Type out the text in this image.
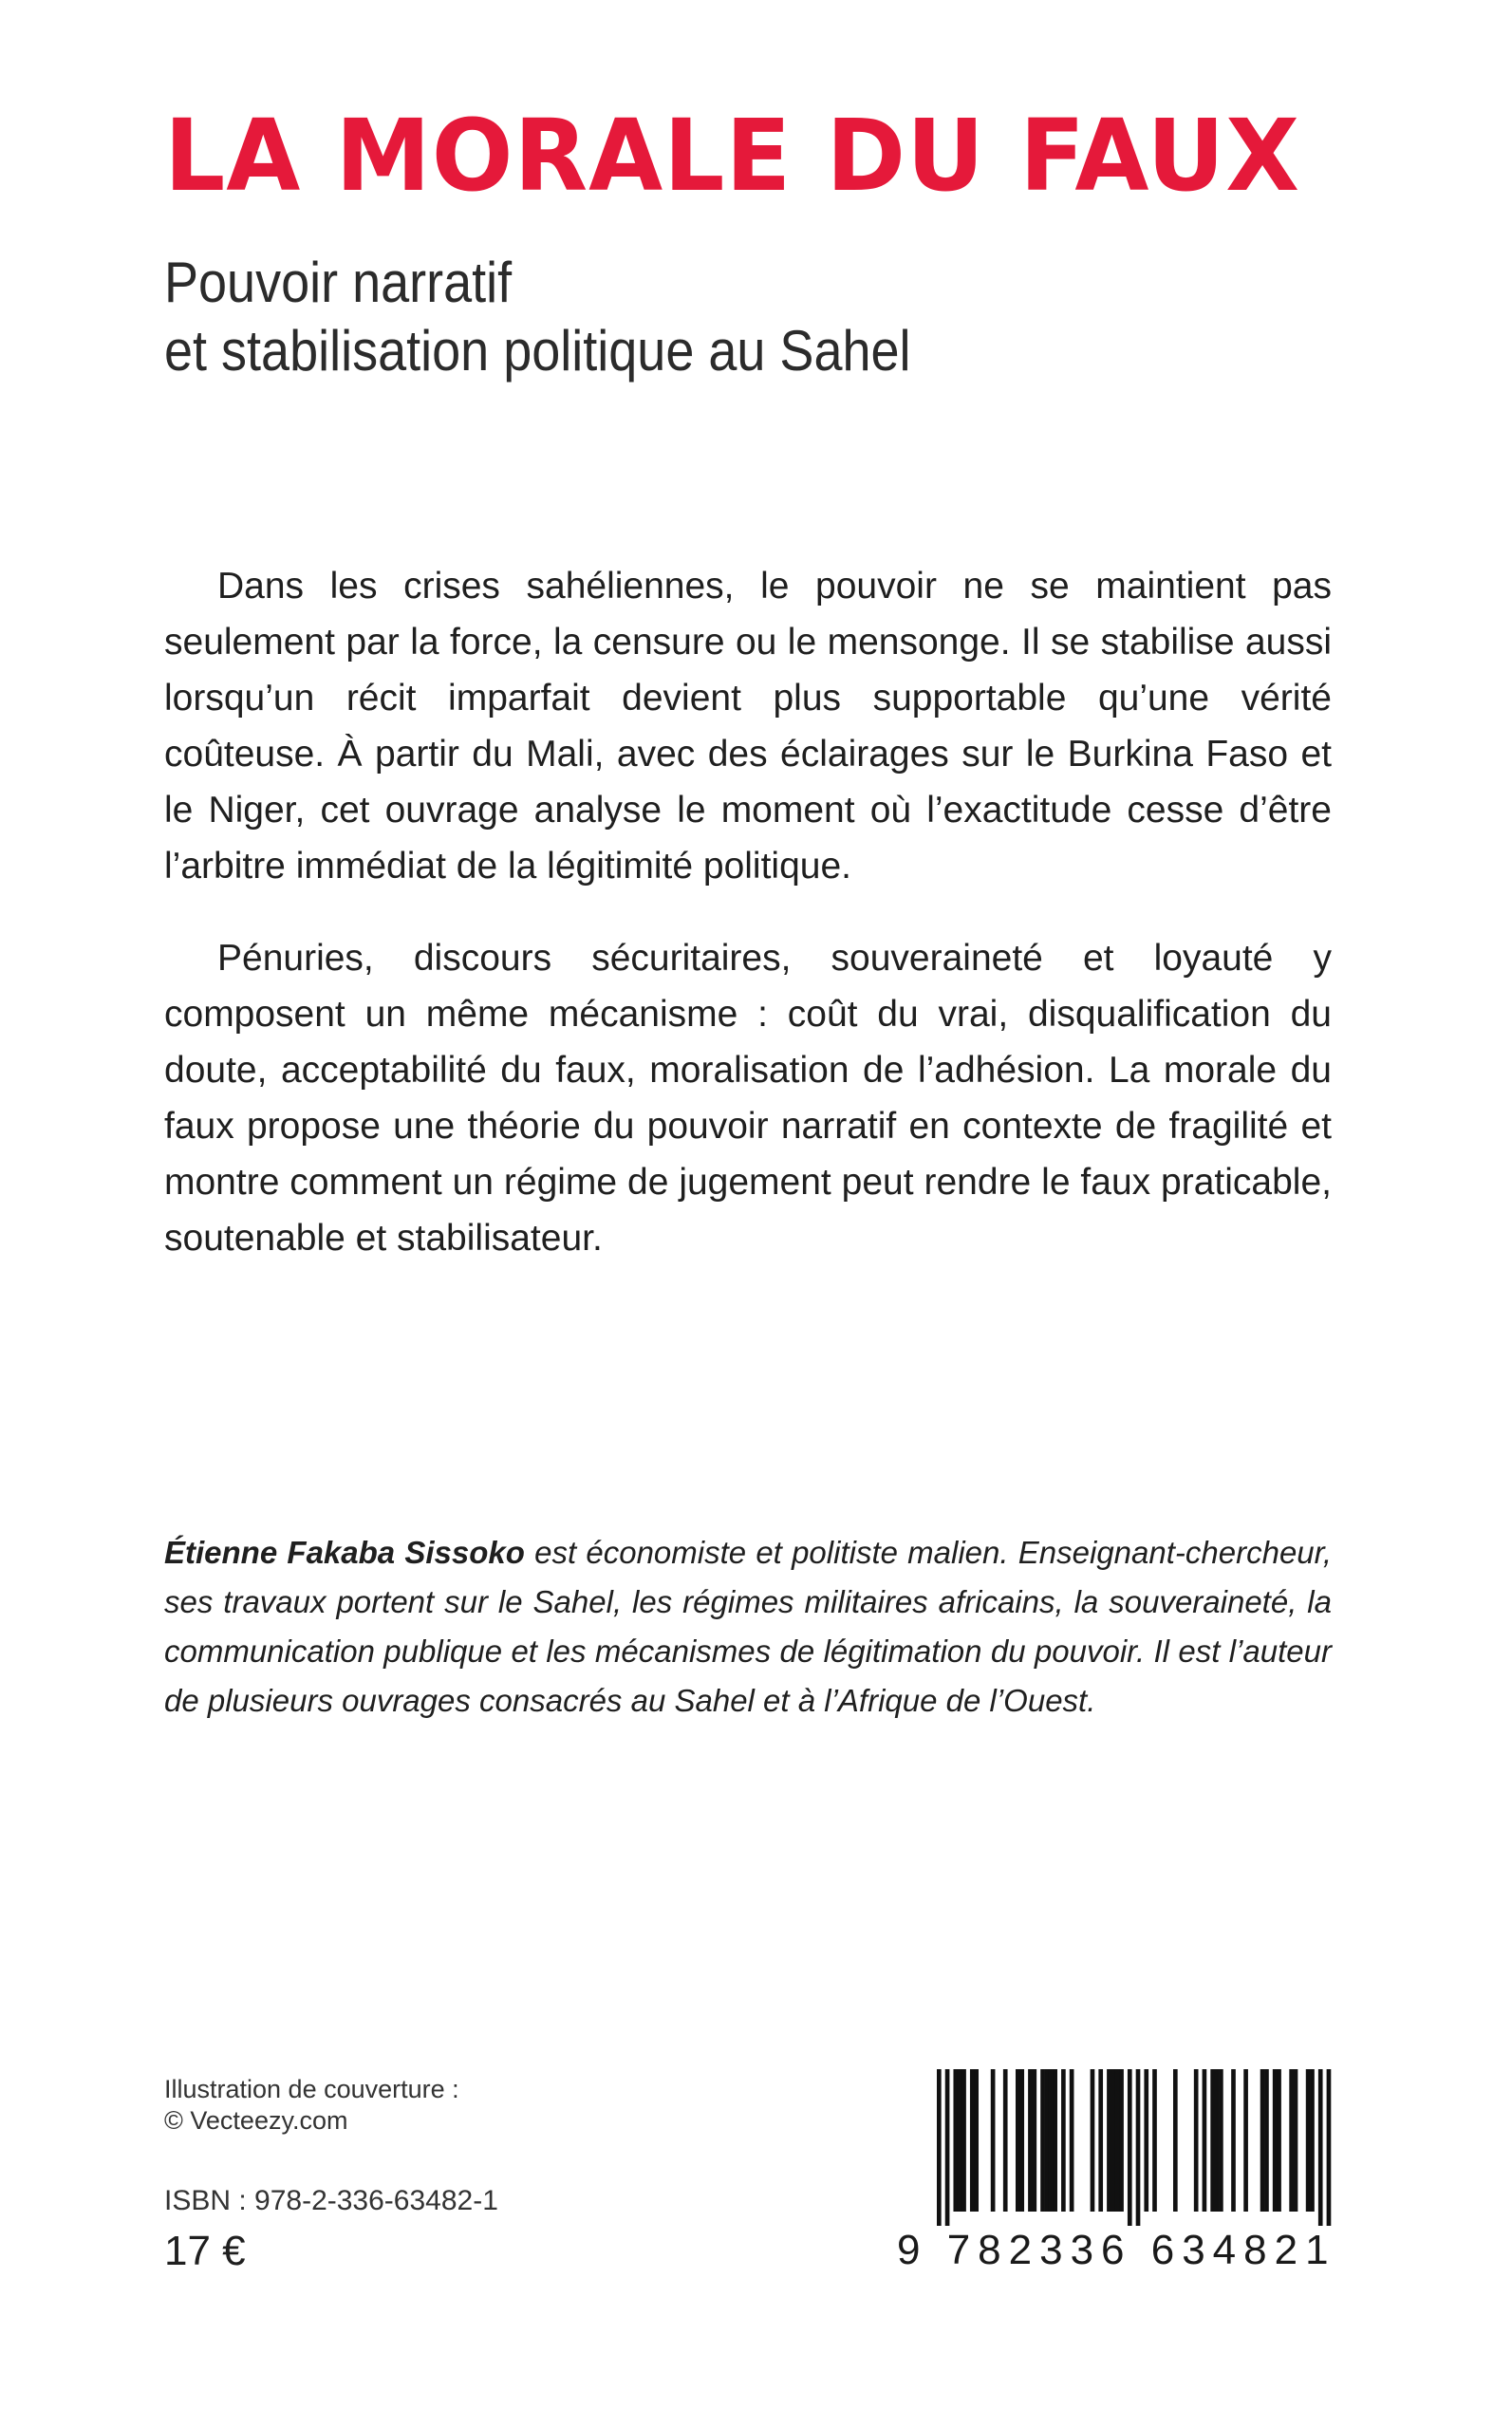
LA MORALE DU FAUX
Pouvoir narratif
et stabilisation politique au Sahel

Dans les crises sahéliennes, le pouvoir ne se maintient pas seulement par la force, la censure ou le mensonge. Il se stabilise aussi lorsqu’un récit imparfait devient plus supportable qu’une vérité coûteuse. À partir du Mali, avec des éclairages sur le Burkina Faso et le Niger, cet ouvrage analyse le moment où l’exactitude cesse d’être l’arbitre immédiat de la légitimité politique.

Pénuries, discours sécuritaires, souveraineté et loyauté y composent un même mécanisme : coût du vrai, disqualification du doute, acceptabilité du faux, moralisation de l’adhésion. La morale du faux propose une théorie du pouvoir narratif en contexte de fragilité et montre comment un régime de jugement peut rendre le faux praticable, soutenable et stabilisateur.

Étienne Fakaba Sissoko est économiste et politiste malien. Enseignant-chercheur, ses travaux portent sur le Sahel, les régimes militaires africains, la souveraineté, la communication publique et les mécanismes de légitimation du pouvoir. Il est l’auteur de plusieurs ouvrages consacrés au Sahel et à l’Afrique de l’Ouest.

Illustration de couverture :
© Vecteezy.com
ISBN : 978-2-336-63482-1
17 €	9 782336 634821
